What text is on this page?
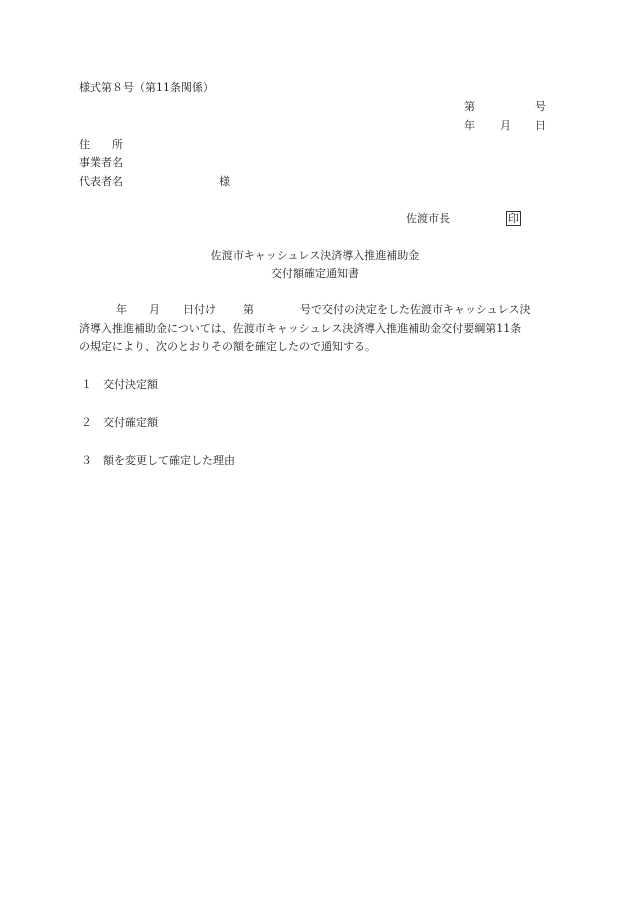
様式第８号（第11条関係）
第	号
年 月 日
住　　所
事業者名
代表者名	様
佐渡市長	印
佐渡市キャッシュレス決済導入推進補助金
交付額確定通知書
年 月 日付け 第	号で交付の決定をした佐渡市キャッシュレス決
済導入推進補助金については、佐渡市キャッシュレス決済導入推進補助金交付要綱第11条
の規定により、次のとおりその額を確定したので通知する。
１ 交付決定額
２ 交付確定額
３ 額を変更して確定した理由
